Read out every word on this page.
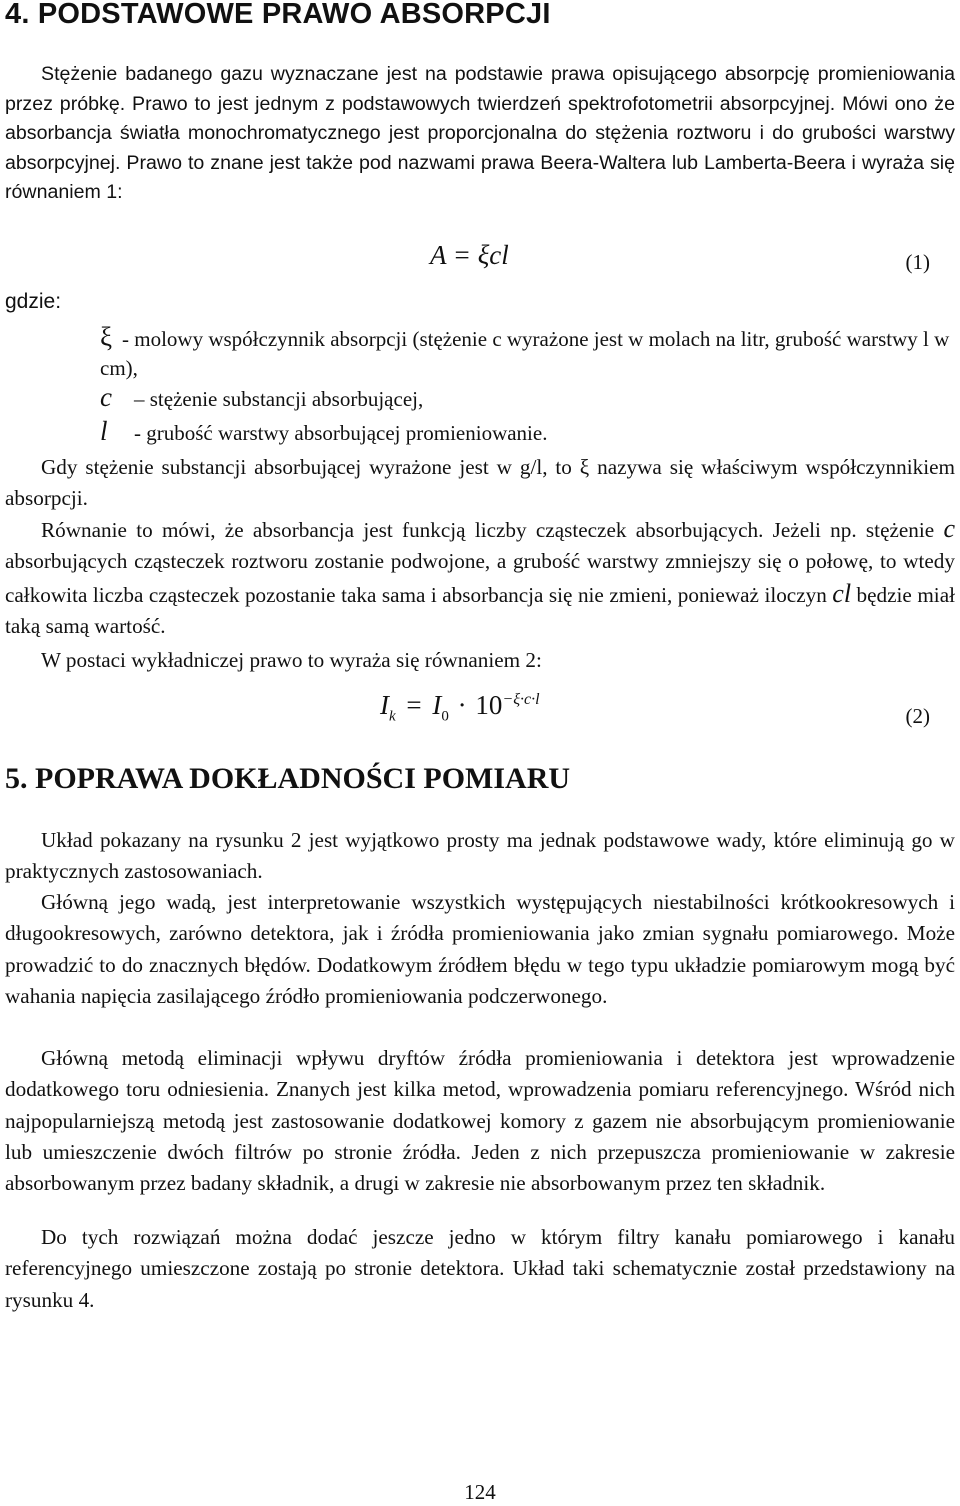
4. PODSTAWOWE PRAWO ABSORPCJI

Stężenie badanego gazu wyznaczane jest na podstawie prawa opisującego absorpcję promieniowania przez próbkę. Prawo to jest jednym z podstawowych twierdzeń spektrofotometrii absorpcyjnej. Mówi ono że absorbancja światła monochromatycznego jest proporcjonalna do stężenia roztworu i do grubości warstwy absorpcyjnej. Prawo to znane jest także pod nazwami prawa Beera-Waltera lub Lamberta-Beera i wyraża się równaniem 1:

A = ξcl	(1)
gdzie:
ξ - molowy współczynnik absorpcji (stężenie c wyrażone jest w molach na litr, grubość warstwy l w cm),
c – stężenie substancji absorbującej,
l - grubość warstwy absorbującej promieniowanie.

Gdy stężenie substancji absorbującej wyrażone jest w g/l, to ξ nazywa się właściwym współczynnikiem absorpcji.

Równanie to mówi, że absorbancja jest funkcją liczby cząsteczek absorbujących. Jeżeli np. stężenie c absorbujących cząsteczek roztworu zostanie podwojone, a grubość warstwy zmniejszy się o połowę, to wtedy całkowita liczba cząsteczek pozostanie taka sama i absorbancja się nie zmieni, ponieważ iloczyn cl będzie miał taką samą wartość.

W postaci wykładniczej prawo to wyraża się równaniem 2:

$I_k = I_0 \cdot 10^{-\xi\cdot c\cdot l}$
(2)
5. POPRAWA DOKŁADNOŚCI POMIARU

Układ pokazany na rysunku 2 jest wyjątkowo prosty ma jednak podstawowe wady, które eliminują go w praktycznych zastosowaniach.

Główną jego wadą, jest interpretowanie wszystkich występujących niestabilności krótkookresowych i długookresowych, zarówno detektora, jak i źródła promieniowania jako zmian sygnału pomiarowego. Może prowadzić to do znacznych błędów. Dodatkowym źródłem błędu w tego typu układzie pomiarowym mogą być wahania napięcia zasilającego źródło promieniowania podczerwonego.

Główną metodą eliminacji wpływu dryftów źródła promieniowania i detektora jest wprowadzenie dodatkowego toru odniesienia. Znanych jest kilka metod, wprowadzenia pomiaru referencyjnego. Wśród nich najpopularniejszą metodą jest zastosowanie dodatkowej komory z gazem nie absorbującym promieniowanie lub umieszczenie dwóch filtrów po stronie źródła. Jeden z nich przepuszcza promieniowanie w zakresie absorbowanym przez badany składnik, a drugi w zakresie nie absorbowanym przez ten składnik.

Do tych rozwiązań można dodać jeszcze jedno w którym filtry kanału pomiarowego i kanału referencyjnego umieszczone zostają po stronie detektora. Układ taki schematycznie został przedstawiony na rysunku 4.

124
